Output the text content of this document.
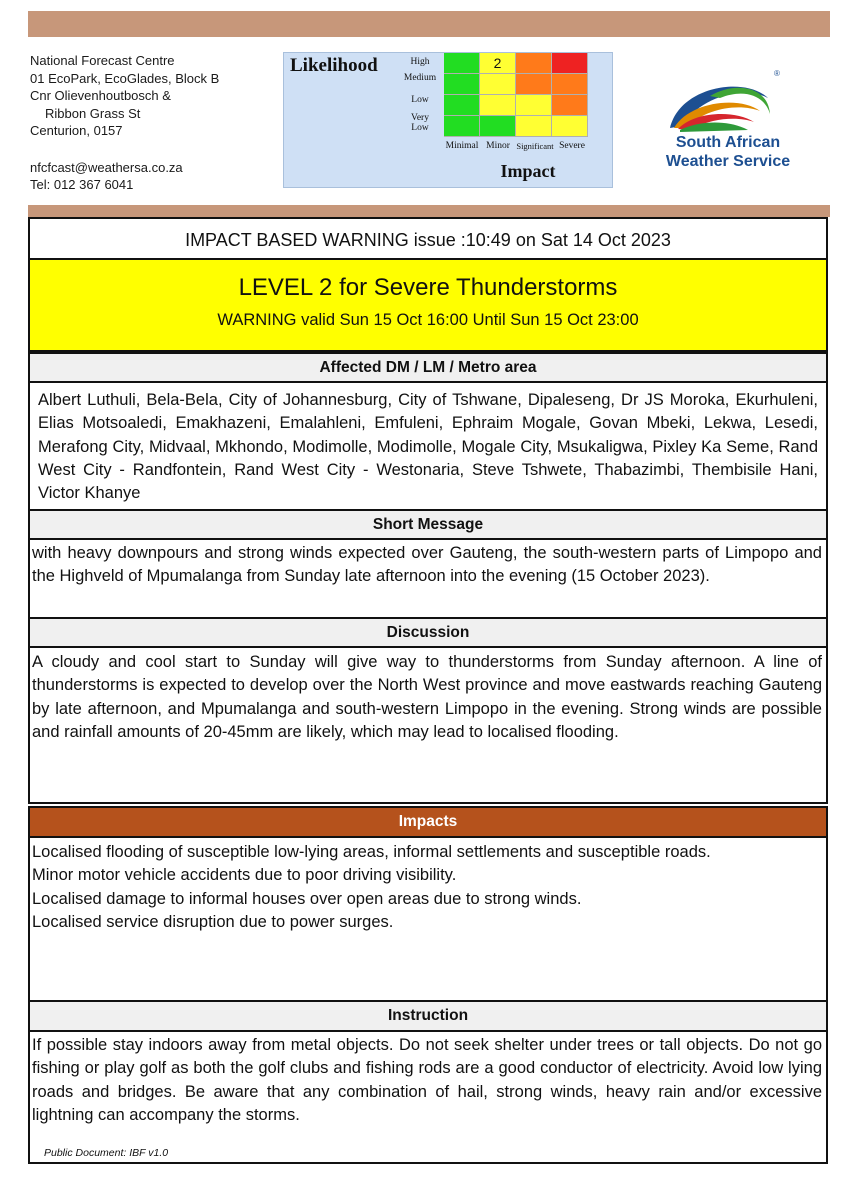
National Forecast Centre
01 EcoPark, EcoGlades, Block B
Cnr Olievenhoutbosch &
Ribbon Grass St
Centurion, 0157
nfcfcast@weathersa.co.za
Tel: 012 367 6041
Likelihood	High
Medium
Low
Very Low
2
Minimal Minor Significant Severe
Impact
®
South African
Weather Service
IMPACT BASED WARNING issue :10:49 on Sat 14 Oct 2023
LEVEL 2 for Severe Thunderstorms
WARNING valid Sun 15 Oct 16:00 Until Sun 15 Oct 23:00
Affected DM / LM / Metro area
Albert Luthuli, Bela-Bela, City of Johannesburg, City of Tshwane, Dipaleseng, Dr JS Moroka, Ekurhuleni, Elias Motsoaledi, Emakhazeni, Emalahleni, Emfuleni, Ephraim Mogale, Govan Mbeki, Lekwa, Lesedi, Merafong City, Midvaal, Mkhondo, Modimolle, Modimolle, Mogale City, Msukaligwa, Pixley Ka Seme, Rand West City - Randfontein, Rand West City - Westonaria, Steve Tshwete, Thabazimbi, Thembisile Hani, Victor Khanye
Short Message
with heavy downpours and strong winds expected over Gauteng, the south-western parts of Limpopo and the Highveld of Mpumalanga from Sunday late afternoon into the evening (15 October 2023).
Discussion
A cloudy and cool start to Sunday will give way to thunderstorms from Sunday afternoon. A line of thunderstorms is expected to develop over the North West province and move eastwards reaching Gauteng by late afternoon, and Mpumalanga and south-western Limpopo in the evening. Strong winds are possible and rainfall amounts of 20-45mm are likely, which may lead to localised flooding.
Impacts
Localised flooding of susceptible low-lying areas, informal settlements and susceptible roads.
Minor motor vehicle accidents due to poor driving visibility.
Localised damage to informal houses over open areas due to strong winds.
Localised service disruption due to power surges.
Instruction
If possible stay indoors away from metal objects. Do not seek shelter under trees or tall objects. Do not go fishing or play golf as both the golf clubs and fishing rods are a good conductor of electricity. Avoid low lying roads and bridges. Be aware that any combination of hail, strong winds, heavy rain and/or excessive lightning can accompany the storms.
Public Document: IBF v1.0
